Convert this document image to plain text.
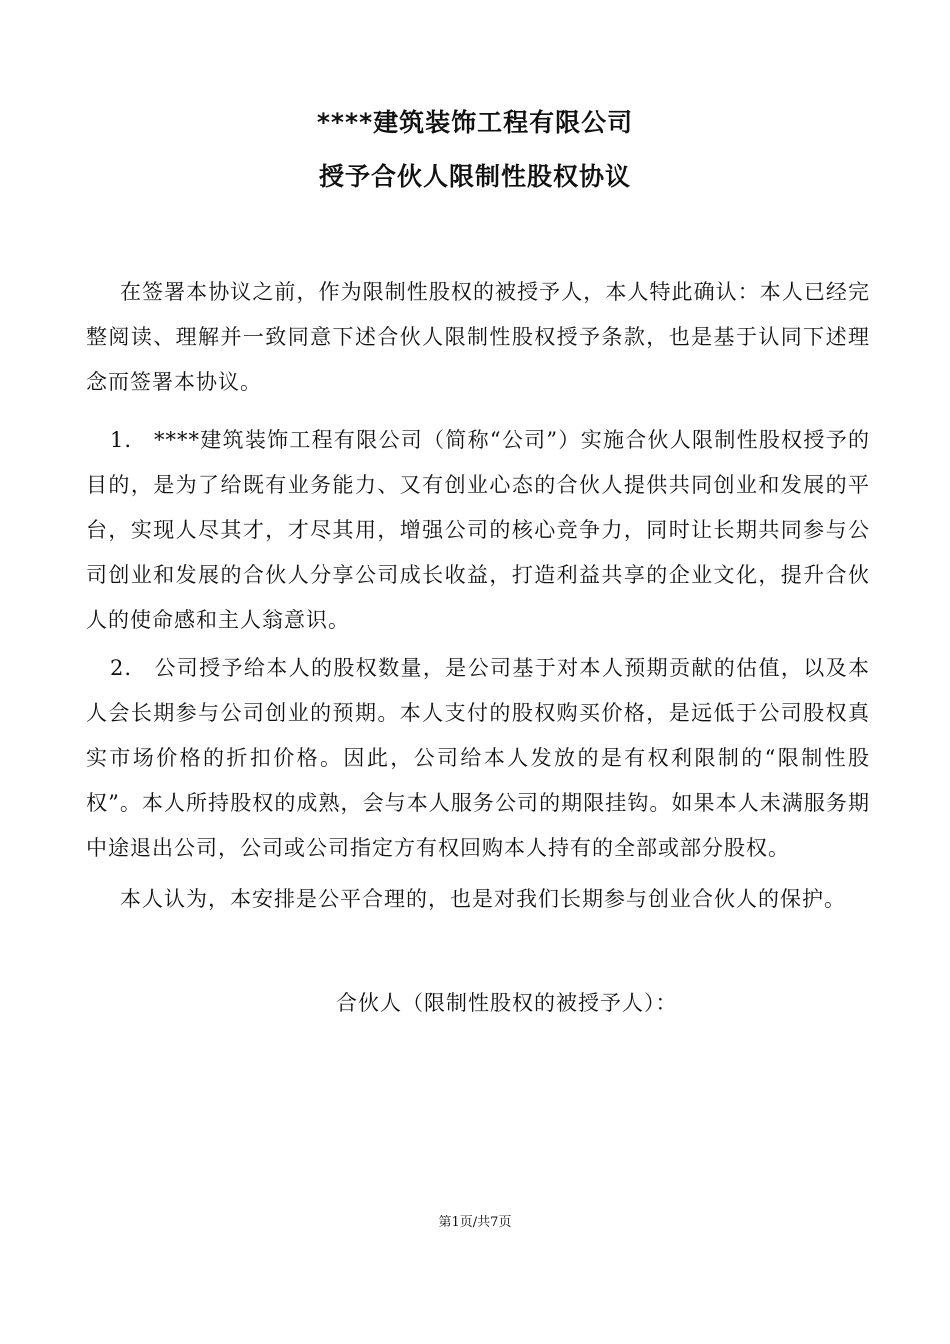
****建筑装饰工程有限公司
授予合伙人限制性股权协议
在签署本协议之前，作为限制性股权的被授予人，本人特此确认：本人已经完整阅读、理解并一致同意下述合伙人限制性股权授予条款，也是基于认同下述理念而签署本协议。
1. ****建筑装饰工程有限公司（简称“公司”）实施合伙人限制性股权授予的目的，是为了给既有业务能力、又有创业心态的合伙人提供共同创业和发展的平台，实现人尽其才，才尽其用，增强公司的核心竞争力，同时让长期共同参与公司创业和发展的合伙人分享公司成长收益，打造利益共享的企业文化，提升合伙人的使命感和主人翁意识。
2. 公司授予给本人的股权数量，是公司基于对本人预期贡献的估值，以及本人会长期参与公司创业的预期。本人支付的股权购买价格，是远低于公司股权真实市场价格的折扣价格。因此，公司给本人发放的是有权利限制的“限制性股权”。本人所持股权的成熟，会与本人服务公司的期限挂钩。如果本人未满服务期中途退出公司，公司或公司指定方有权回购本人持有的全部或部分股权。
本人认为，本安排是公平合理的，也是对我们长期参与创业合伙人的保护。
合伙人（限制性股权的被授予人）：
第1页/共7页
